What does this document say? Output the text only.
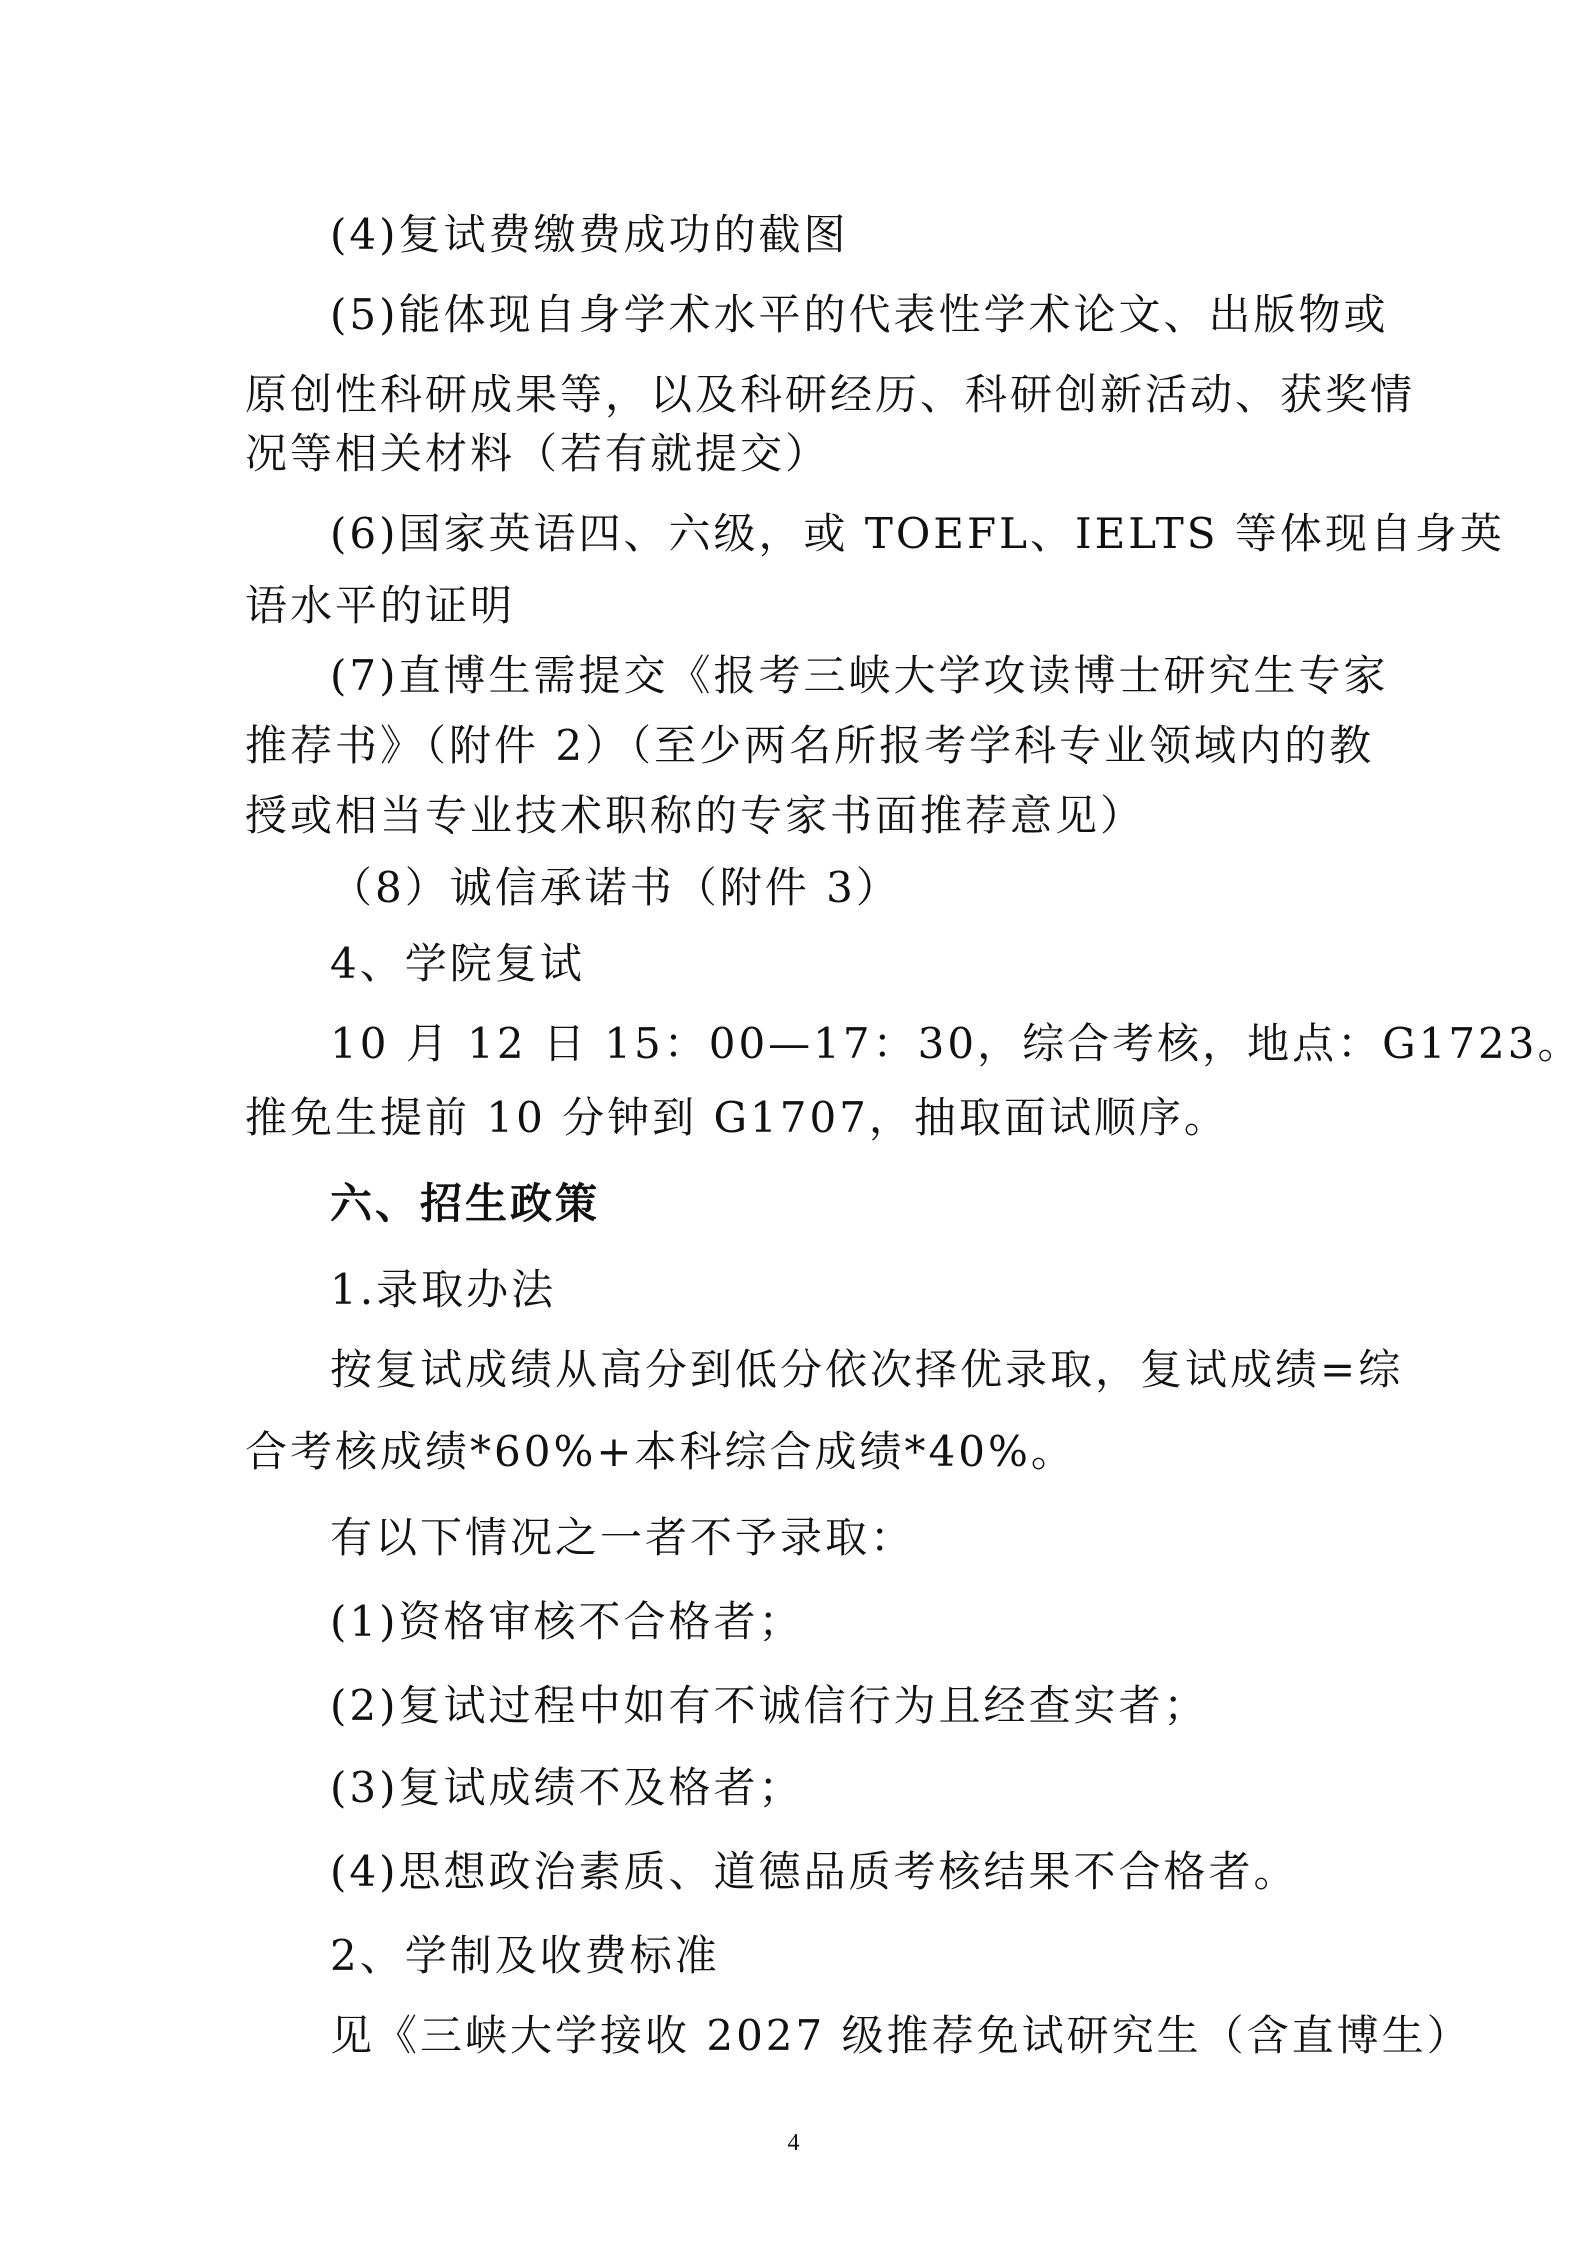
(4)复试费缴费成功的截图
(5)能体现自身学术水平的代表性学术论文、出版物或
原创性科研成果等，以及科研经历、科研创新活动、获奖情
况等相关材料（若有就提交）
(6)国家英语四、六级，或 TOEFL、IELTS 等体现自身英
语水平的证明
(7)直博生需提交《报考三峡大学攻读博士研究生专家
推荐书》（附件 2）（至少两名所报考学科专业领域内的教
授或相当专业技术职称的专家书面推荐意见）
（8）诚信承诺书（附件 3）
4、学院复试
10 月 12 日 15：00—17：30，综合考核，地点：G1723。
推免生提前 10 分钟到 G1707，抽取面试顺序。
六、招生政策
1.录取办法
按复试成绩从高分到低分依次择优录取，复试成绩=综
合考核成绩*60%+本科综合成绩*40%。
有以下情况之一者不予录取：
(1)资格审核不合格者；
(2)复试过程中如有不诚信行为且经查实者；
(3)复试成绩不及格者；
(4)思想政治素质、道德品质考核结果不合格者。
2、学制及收费标准
见《三峡大学接收 2027 级推荐免试研究生（含直博生）
4
